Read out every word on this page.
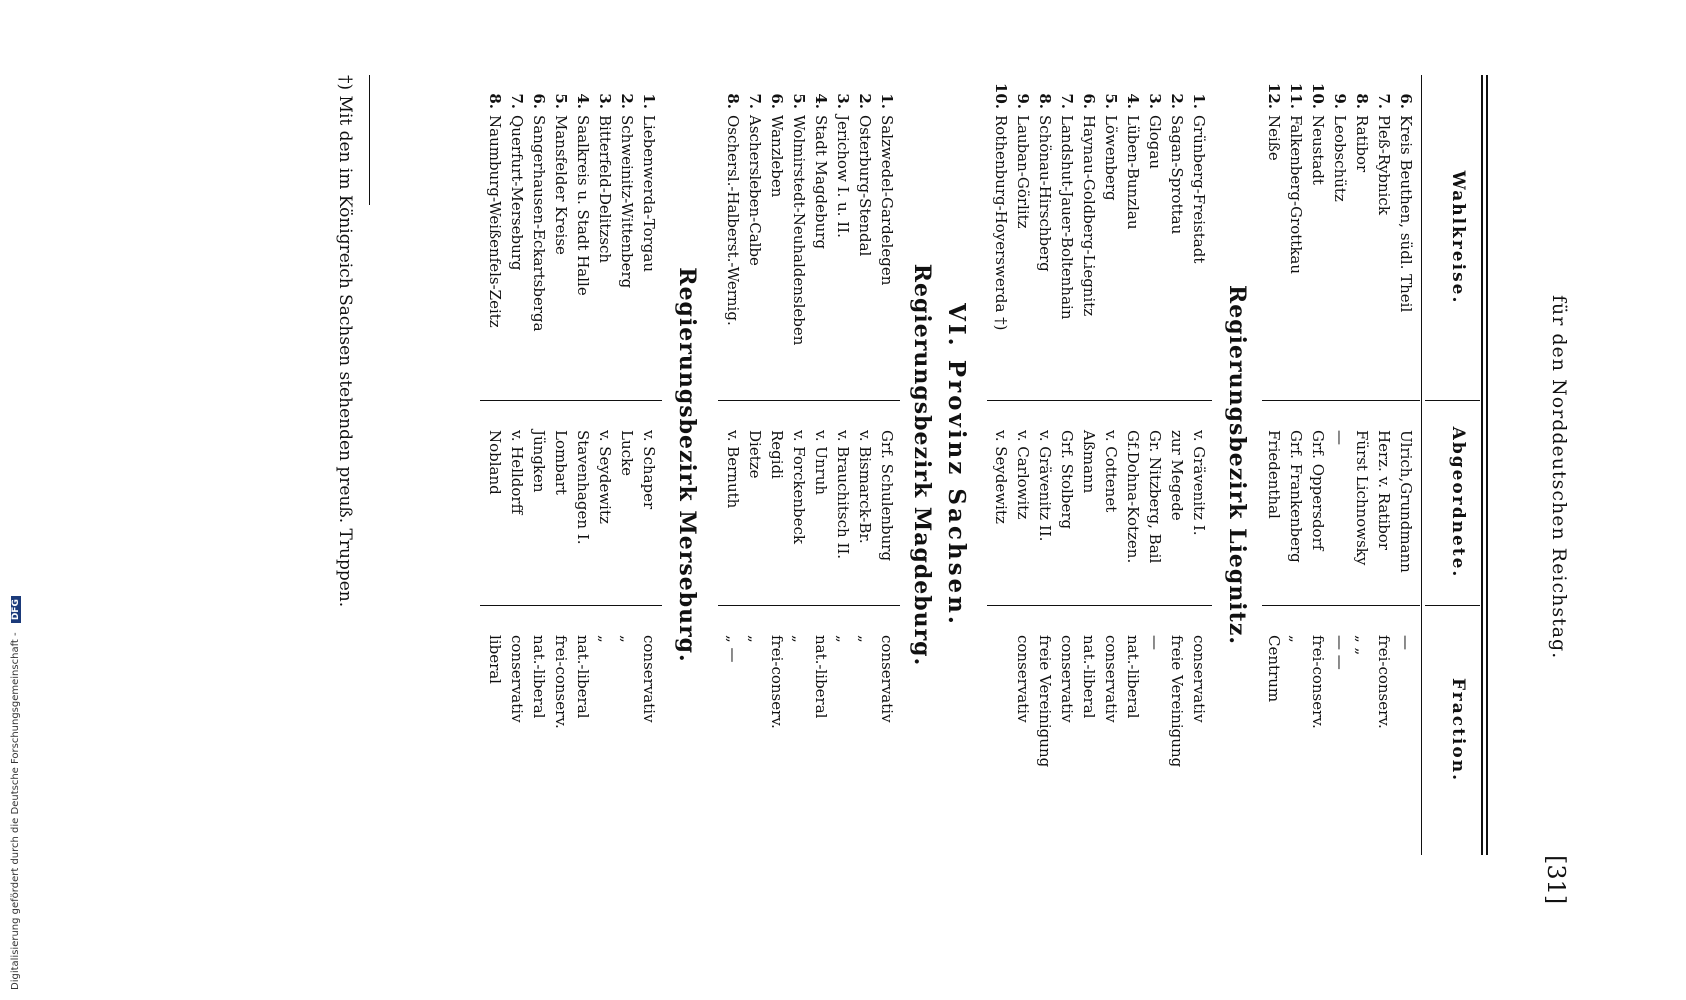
Digitalisierung gefördert durch die Deutsche Forschungsgemeinschaft - DFG	für den Norddeutschen Reichstag.
[31]
Wahlkreise.
Abgeordnete.
Fraction.
6.
Kreis Beuthen, südl. Theil
Ulrich,Grundmann
—
7.
Pleß-Rybnick
Herz. v. Ratibor
frei-conserv.
8.
Ratibor
Fürst Lichnowsky
„ „
9.
Leobschütz
—
— —
10.
Neustadt
Grf. Oppersdorf
frei-conserv.
11.
Falkenberg-Grottkau
Grf. Frankenberg
„
12.
Neiße
Friedenthal
Centrum
Regierungsbezirk Liegnitz.
1.
Grünberg-Freistadt
v. Grävenitz I.
conservativ
2.
Sagan-Sprottau
zur Megede
freie Vereinigung
3.
Glogau
Gr. Nitzberg, Bail
—
4.
Lüben-Bunzlau
Gf.Dohna-Kotzen.
nat.-liberal
5.
Löwenberg
v. Cottenet
conservativ
6.
Haynau-Goldberg-Liegnitz
Aßmann
nat.-liberal
7.
Landshut-Jauer-Boltenhain
Grf. Stolberg
conservativ
8.
Schönau-Hirschberg
v. Grävenitz II.
freie Vereinigung
9.
Lauban-Görlitz
v. Carlowitz
conservativ
10.
Rothenburg-Hoyerswerda †)
v. Seydewitz
VI. Provinz Sachsen.
Regierungsbezirk Magdeburg.
1.
Salzwedel-Gardelegen
Grf. Schulenburg
conservativ
2.
Osterburg-Stendal
v. Bismarck-Br.
„
3.
Jerichow I. u. II.
v. Brauchitsch II.
„
4.
Stadt Magdeburg
v. Unruh
nat.-liberal
5.
Wolmirstedt-Neuhaldensleben
v. Forckenbeck
„
6.
Wanzleben
Regidi
frei-conserv.
7.
Aschersleben-Calbe
Dietze
„
8.
Oschersl.-Halberst.-Wernig.
v. Bernuth
„ —
Regierungsbezirk Merseburg.
1.
Liebenwerda-Torgau
v. Schaper
conservativ
2.
Schweinitz-Wittenberg
Lucke
„
3.
Bitterfeld-Delitzsch
v. Seydewitz
„
4.
Saalkreis u. Stadt Halle
Stavenhagen I.
nat.-liberal
5.
Mansfelder Kreise
Lombart
frei-conserv.
6.
Sangerhausen-Eckartsberga
Jüngken
nat.-liberal
7.
Querfurt-Merseburg
v. Helldorff
conservativ
8.
Naumburg-Weißenfels-Zeitz
Nobland
liberal
†) Mit den im Königreich Sachsen stehenden preuß. Truppen.
